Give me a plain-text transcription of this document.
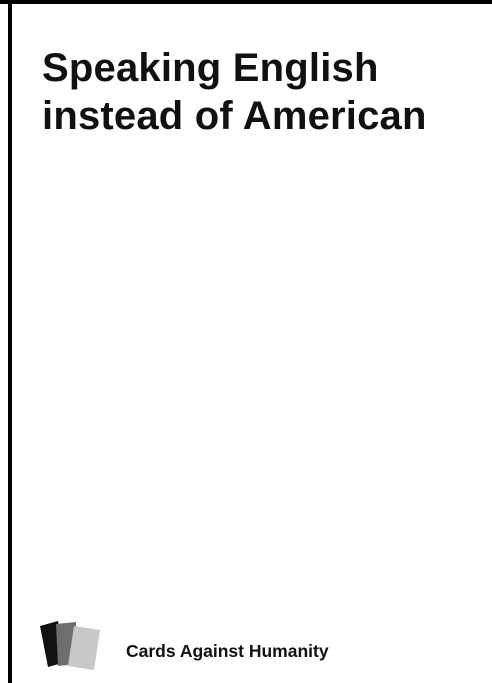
Speaking English
instead of American

Cards Against Humanity
